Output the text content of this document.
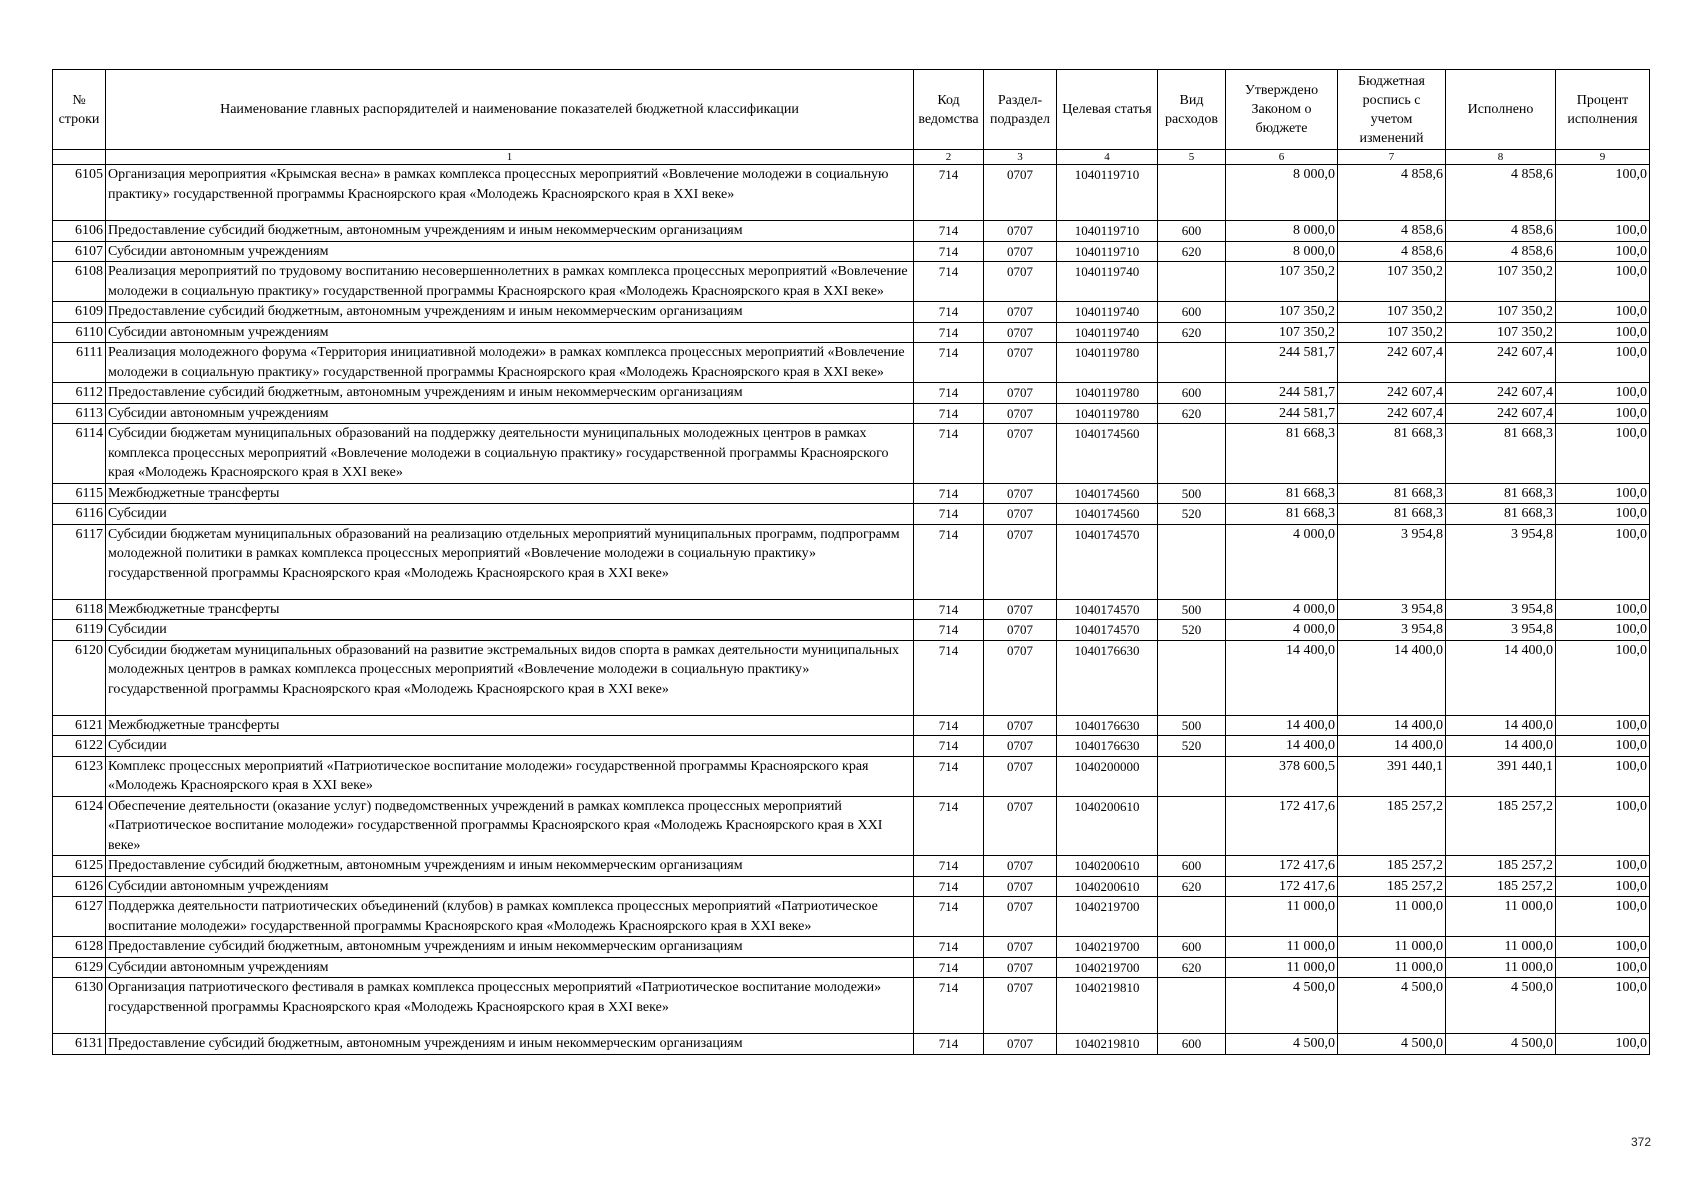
№ строки	Наименование главных распорядителей и наименование показателей бюджетной классификации	Код ведомства	Раздел-подраздел	Целевая статья	Вид расходов	Утверждено Законом о бюджете	Бюджетная роспись с учетом изменений	Исполнено	Процент исполнения
	1	2	3	4	5	6	7	8	9
6105	Организация мероприятия «Крымская весна» в рамках комплекса процессных мероприятий «Вовлечение молодежи в социальную практику» государственной программы Красноярского края «Молодежь Красноярского края в XXI веке»	714	0707	1040119710		8 000,0	4 858,6	4 858,6	100,0
6106	Предоставление субсидий бюджетным, автономным учреждениям и иным некоммерческим организациям	714	0707	1040119710	600	8 000,0	4 858,6	4 858,6	100,0
6107	Субсидии автономным учреждениям	714	0707	1040119710	620	8 000,0	4 858,6	4 858,6	100,0
6108	Реализация мероприятий по трудовому воспитанию несовершеннолетних в рамках комплекса процессных мероприятий «Вовлечение молодежи в социальную практику» государственной программы Красноярского края «Молодежь Красноярского края в XXI веке»	714	0707	1040119740		107 350,2	107 350,2	107 350,2	100,0
6109	Предоставление субсидий бюджетным, автономным учреждениям и иным некоммерческим организациям	714	0707	1040119740	600	107 350,2	107 350,2	107 350,2	100,0
6110	Субсидии автономным учреждениям	714	0707	1040119740	620	107 350,2	107 350,2	107 350,2	100,0
6111	Реализация молодежного форума «Территория инициативной молодежи» в рамках комплекса процессных мероприятий «Вовлечение молодежи в социальную практику» государственной программы Красноярского края «Молодежь Красноярского края в XXI веке»	714	0707	1040119780		244 581,7	242 607,4	242 607,4	100,0
6112	Предоставление субсидий бюджетным, автономным учреждениям и иным некоммерческим организациям	714	0707	1040119780	600	244 581,7	242 607,4	242 607,4	100,0
6113	Субсидии автономным учреждениям	714	0707	1040119780	620	244 581,7	242 607,4	242 607,4	100,0
6114	Субсидии бюджетам муниципальных образований на поддержку деятельности муниципальных молодежных центров в рамках комплекса процессных мероприятий «Вовлечение молодежи в социальную практику» государственной программы Красноярского края «Молодежь Красноярского края в XXI веке»	714	0707	1040174560		81 668,3	81 668,3	81 668,3	100,0
6115	Межбюджетные трансферты	714	0707	1040174560	500	81 668,3	81 668,3	81 668,3	100,0
6116	Субсидии	714	0707	1040174560	520	81 668,3	81 668,3	81 668,3	100,0
6117	Субсидии бюджетам муниципальных образований на реализацию отдельных мероприятий муниципальных программ, подпрограмм молодежной политики в рамках комплекса процессных мероприятий «Вовлечение молодежи в социальную практику» государственной программы Красноярского края «Молодежь Красноярского края в XXI веке»	714	0707	1040174570		4 000,0	3 954,8	3 954,8	100,0
6118	Межбюджетные трансферты	714	0707	1040174570	500	4 000,0	3 954,8	3 954,8	100,0
6119	Субсидии	714	0707	1040174570	520	4 000,0	3 954,8	3 954,8	100,0
6120	Субсидии бюджетам муниципальных образований на развитие экстремальных видов спорта в рамках деятельности муниципальных молодежных центров в рамках комплекса процессных мероприятий «Вовлечение молодежи в социальную практику» государственной программы Красноярского края «Молодежь Красноярского края в XXI веке»	714	0707	1040176630		14 400,0	14 400,0	14 400,0	100,0
6121	Межбюджетные трансферты	714	0707	1040176630	500	14 400,0	14 400,0	14 400,0	100,0
6122	Субсидии	714	0707	1040176630	520	14 400,0	14 400,0	14 400,0	100,0
6123	Комплекс процессных мероприятий «Патриотическое воспитание молодежи» государственной программы Красноярского края «Молодежь Красноярского края в XXI веке»	714	0707	1040200000		378 600,5	391 440,1	391 440,1	100,0
6124	Обеспечение деятельности (оказание услуг) подведомственных учреждений в рамках комплекса процессных мероприятий «Патриотическое воспитание молодежи» государственной программы Красноярского края «Молодежь Красноярского края в XXI веке»	714	0707	1040200610		172 417,6	185 257,2	185 257,2	100,0
6125	Предоставление субсидий бюджетным, автономным учреждениям и иным некоммерческим организациям	714	0707	1040200610	600	172 417,6	185 257,2	185 257,2	100,0
6126	Субсидии автономным учреждениям	714	0707	1040200610	620	172 417,6	185 257,2	185 257,2	100,0
6127	Поддержка деятельности патриотических объединений (клубов) в рамках комплекса процессных мероприятий «Патриотическое воспитание молодежи» государственной программы Красноярского края «Молодежь Красноярского края в XXI веке»	714	0707	1040219700		11 000,0	11 000,0	11 000,0	100,0
6128	Предоставление субсидий бюджетным, автономным учреждениям и иным некоммерческим организациям	714	0707	1040219700	600	11 000,0	11 000,0	11 000,0	100,0
6129	Субсидии автономным учреждениям	714	0707	1040219700	620	11 000,0	11 000,0	11 000,0	100,0
6130	Организация патриотического фестиваля в рамках комплекса процессных мероприятий «Патриотическое воспитание молодежи» государственной программы Красноярского края «Молодежь Красноярского края в XXI веке»	714	0707	1040219810		4 500,0	4 500,0	4 500,0	100,0
6131	Предоставление субсидий бюджетным, автономным учреждениям и иным некоммерческим организациям	714	0707	1040219810	600	4 500,0	4 500,0	4 500,0	100,0
372
